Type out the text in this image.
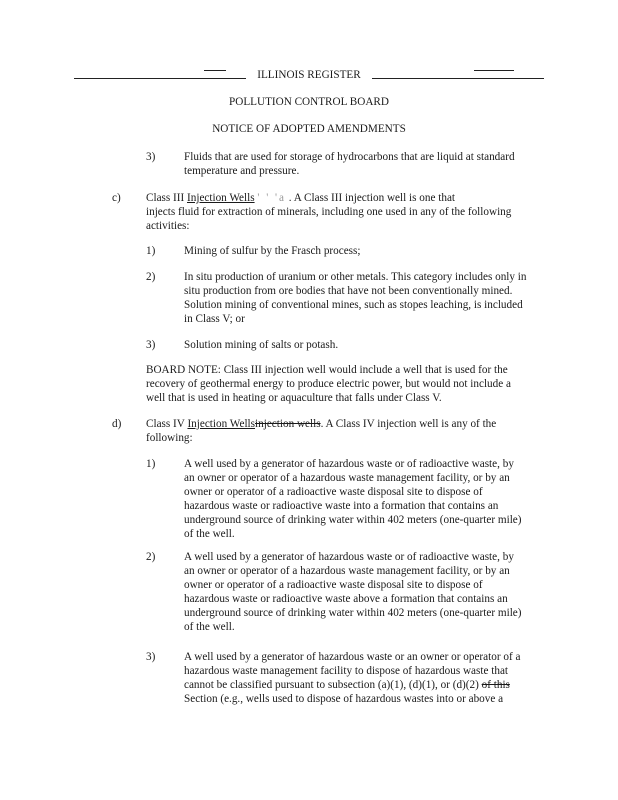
ILLINOIS REGISTER
POLLUTION CONTROL BOARD
NOTICE OF ADOPTED AMENDMENTS
3)	Fluids that are used for storage of hydrocarbons that are liquid at standard
temperature and pressure.
c) Class III Injection Wells ' ' 'a . A Class III injection well is one that
injects fluid for extraction of minerals, including one used in any of the following
activities:
1)	Mining of sulfur by the Frasch process;
2)	In situ production of uranium or other metals. This category includes only in
situ production from ore bodies that have not been conventionally mined.
Solution mining of conventional mines, such as stopes leaching, is included
in Class V; or
3)	Solution mining of salts or potash.
BOARD NOTE: Class III injection well would include a well that is used for the
recovery of geothermal energy to produce electric power, but would not include a
well that is used in heating or aquaculture that falls under Class V.
d) Class IV Injection Wellsinjection wells. A Class IV injection well is any of the
following:
1)	A well used by a generator of hazardous waste or of radioactive waste, by
an owner or operator of a hazardous waste management facility, or by an
owner or operator of a radioactive waste disposal site to dispose of
hazardous waste or radioactive waste into a formation that contains an
underground source of drinking water within 402 meters (one-quarter mile)
of the well.
2)	A well used by a generator of hazardous waste or of radioactive waste, by
an owner or operator of a hazardous waste management facility, or by an
owner or operator of a radioactive waste disposal site to dispose of
hazardous waste or radioactive waste above a formation that contains an
underground source of drinking water within 402 meters (one-quarter mile)
of the well.
3)	A well used by a generator of hazardous waste or an owner or operator of a
hazardous waste management facility to dispose of hazardous waste that
cannot be classified pursuant to subsection (a)(1), (d)(1), or (d)(2) of this
Section (e.g., wells used to dispose of hazardous wastes into or above a
